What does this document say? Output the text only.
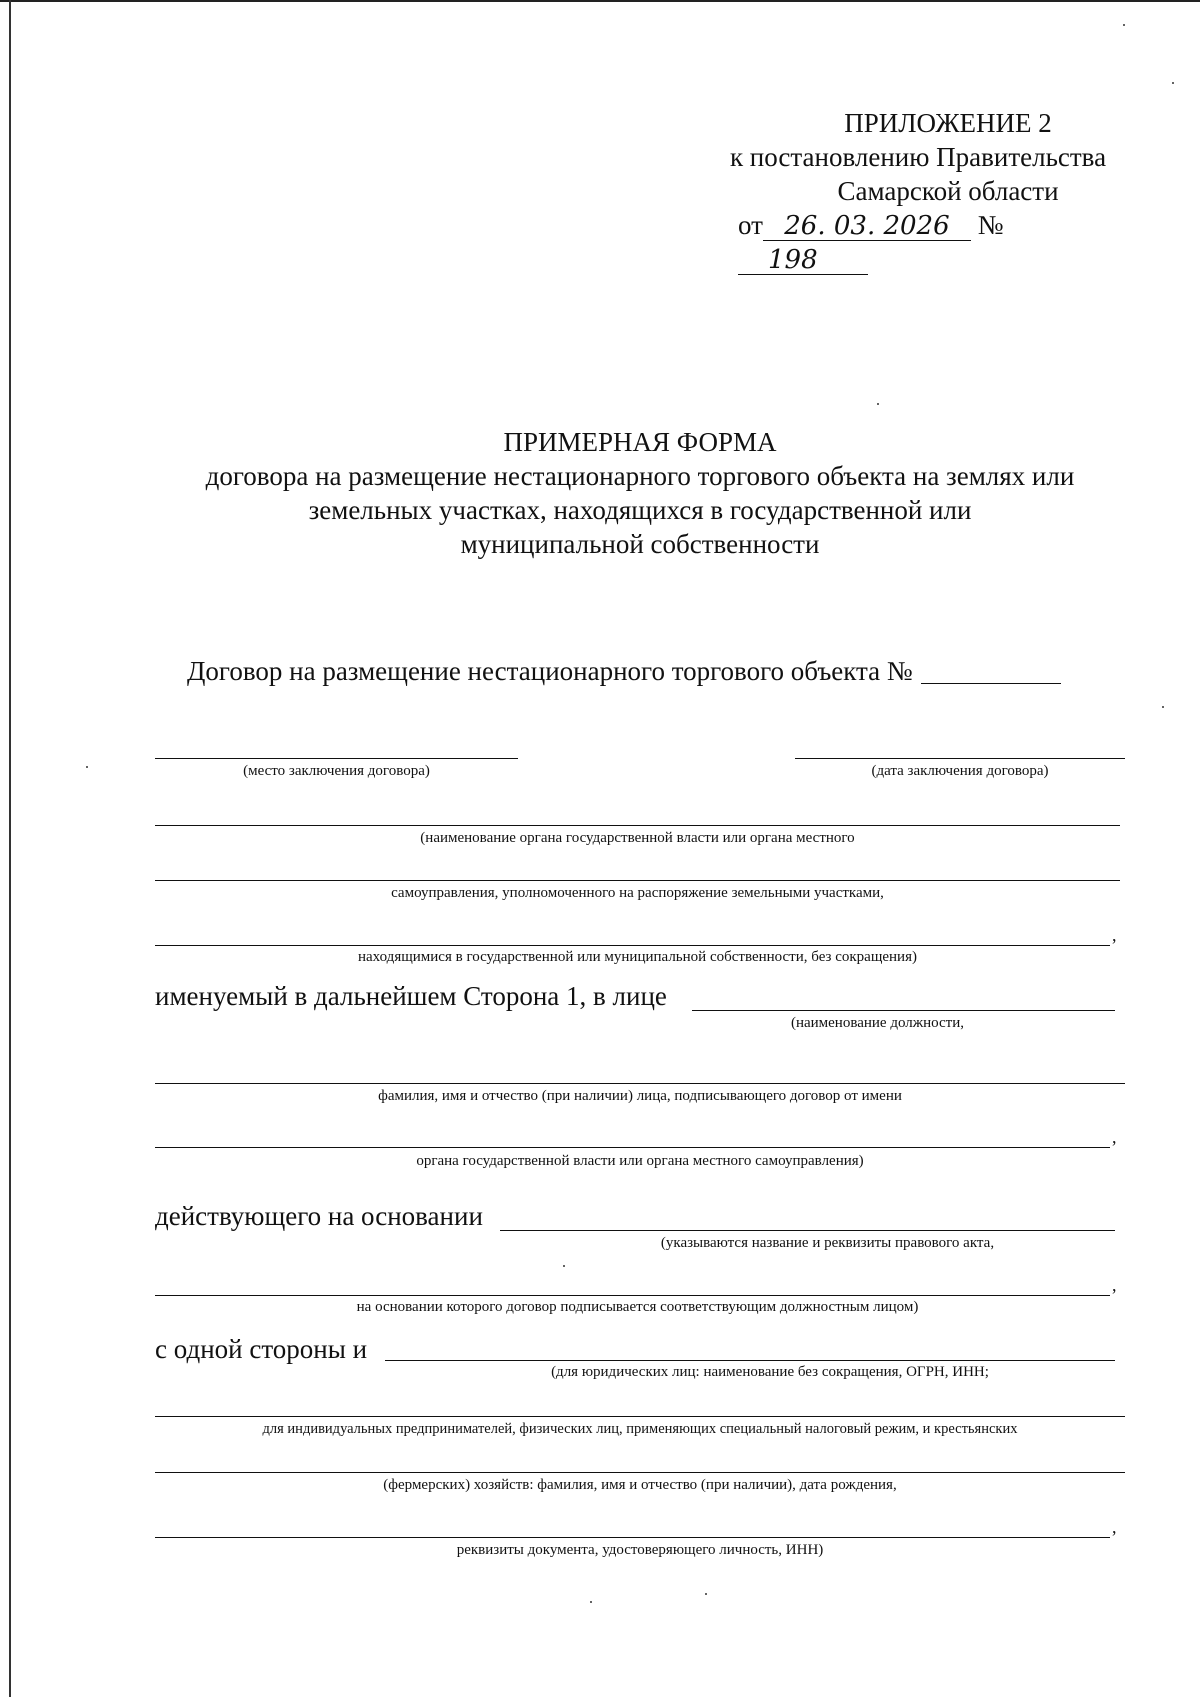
ПРИЛОЖЕНИЕ 2
к постановлению Правительства
Самарской области
от 26. 03. 2026 №198
ПРИМЕРНАЯ ФОРМА
договора на размещение нестационарного торгового объекта на землях или
земельных участках, находящихся в государственной или
муниципальной собственности
Договор на размещение нестационарного торгового объекта №
(место заключения договора)	(дата заключения договора)
(наименование органа государственной власти или органа местного
самоуправления, уполномоченного на распоряжение земельными участками,
,
находящимися в государственной или муниципальной собственности, без сокращения)
именуемый в дальнейшем Сторона 1, в лице
(наименование должности,
фамилия, имя и отчество (при наличии) лица, подписывающего договор от имени
,
органа государственной власти или органа местного самоуправления)
действующего на основании
(указываются название и реквизиты правового акта,
,
на основании которого договор подписывается соответствующим должностным лицом)
с одной стороны и
(для юридических лиц: наименование без сокращения, ОГРН, ИНН;
для индивидуальных предпринимателей, физических лиц, применяющих специальный налоговый режим, и крестьянских
(фермерских) хозяйств: фамилия, имя и отчество (при наличии), дата рождения,
,
реквизиты документа, удостоверяющего личность, ИНН)
